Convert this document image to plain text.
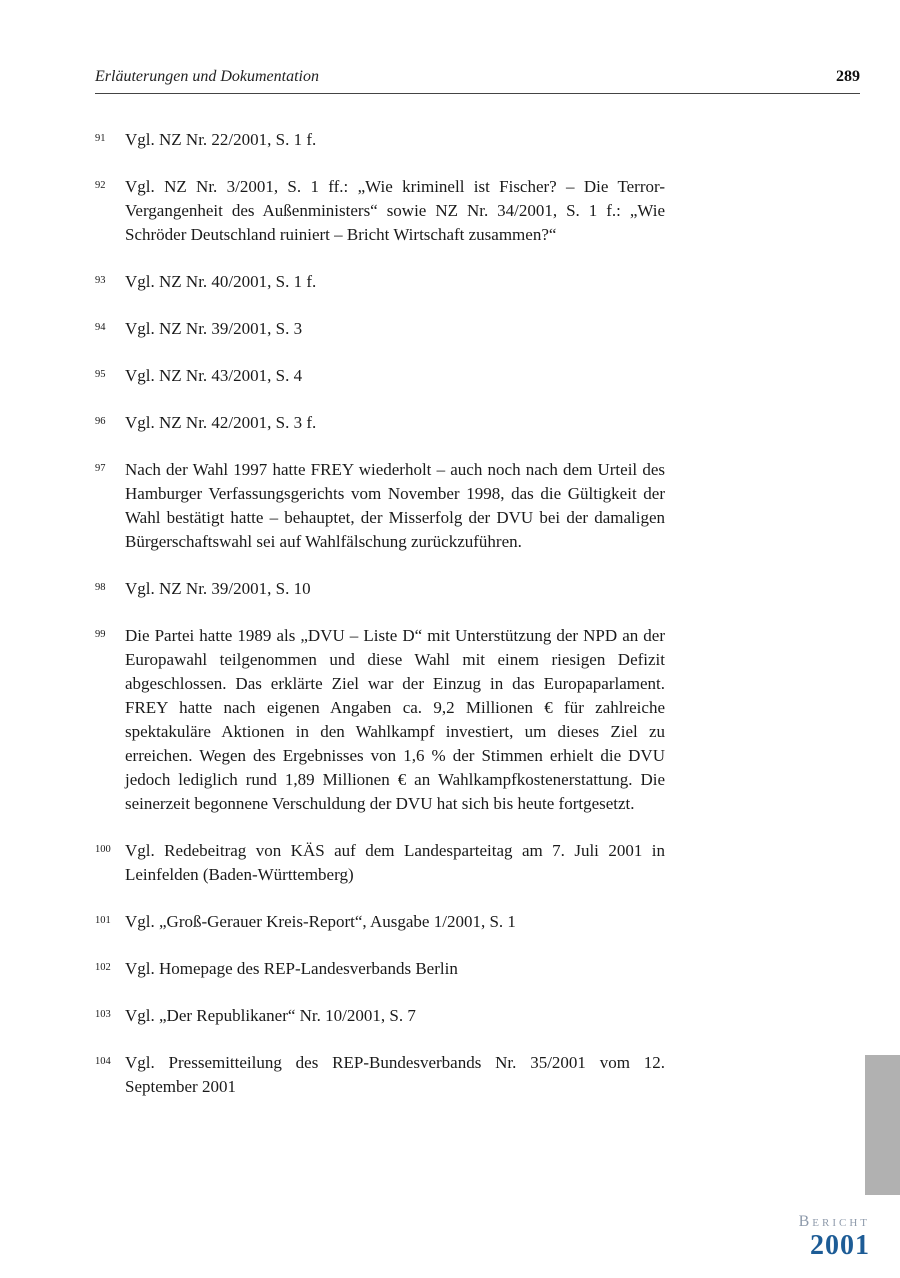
Erläuterungen und Dokumentation	289
91	Vgl. NZ Nr. 22/2001, S. 1 f.

92	Vgl. NZ Nr. 3/2001, S. 1 ff.: „Wie kriminell ist Fischer? – Die Terror-Vergangenheit des Außenministers“ sowie NZ Nr. 34/2001, S. 1 f.: „Wie Schröder Deutschland ruiniert – Bricht Wirtschaft zusammen?“

93	Vgl. NZ Nr. 40/2001, S. 1 f.

94	Vgl. NZ Nr. 39/2001, S. 3

95	Vgl. NZ Nr. 43/2001, S. 4

96	Vgl. NZ Nr. 42/2001, S. 3 f.

97	Nach der Wahl 1997 hatte FREY wiederholt – auch noch nach dem Urteil des Hamburger Verfassungsgerichts vom November 1998, das die Gültigkeit der Wahl bestätigt hatte – behauptet, der Misserfolg der DVU bei der damaligen Bürgerschaftswahl sei auf Wahlfälschung zurückzuführen.

98	Vgl. NZ Nr. 39/2001, S. 10

99	Die Partei hatte 1989 als „DVU – Liste D“ mit Unterstützung der NPD an der Europawahl teilgenommen und diese Wahl mit einem riesigen Defizit abgeschlossen. Das erklärte Ziel war der Einzug in das Europaparlament. FREY hatte nach eigenen Angaben ca. 9,2 Millionen € für zahlreiche spektakuläre Aktionen in den Wahlkampf investiert, um dieses Ziel zu erreichen. Wegen des Ergebnisses von 1,6 % der Stimmen erhielt die DVU jedoch lediglich rund 1,89 Millionen € an Wahlkampfkostenerstattung. Die seinerzeit begonnene Verschuldung der DVU hat sich bis heute fortgesetzt.

100 Vgl. Redebeitrag von KÄS auf dem Landesparteitag am 7. Juli 2001 in Leinfelden (Baden-Württemberg)

101 Vgl. „Groß-Gerauer Kreis-Report“, Ausgabe 1/2001, S. 1

102 Vgl. Homepage des REP-Landesverbands Berlin

103 Vgl. „Der Republikaner“ Nr. 10/2001, S. 7

104 Vgl. Pressemitteilung des REP-Bundesverbands Nr. 35/2001 vom 12. September 2001

Bericht
2001
